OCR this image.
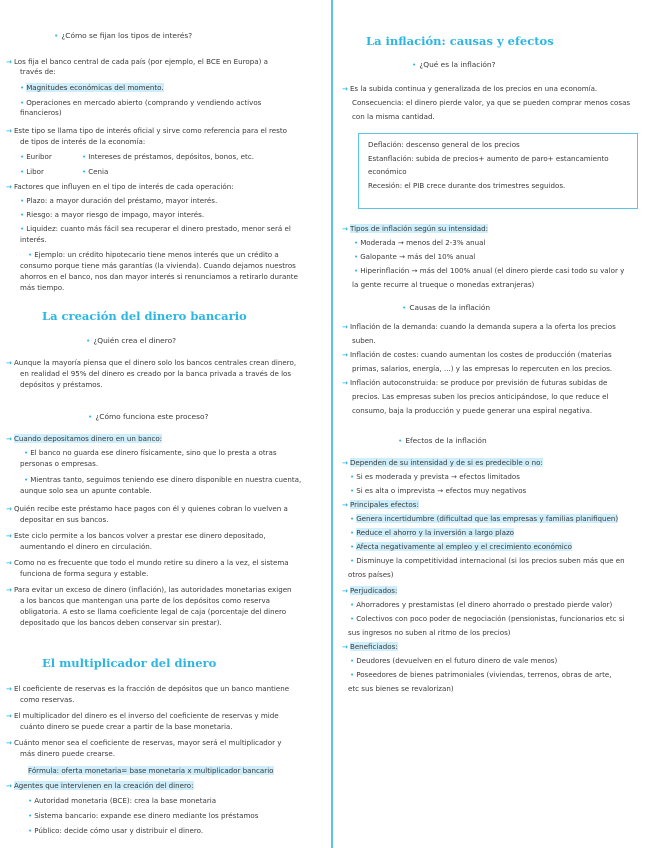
• ¿Cómo se fijan los tipos de interés?
→ Los fija el banco central de cada país (por ejemplo, el BCE en Europa) a
través de:
• Magnitudes económicas del momento.
• Operaciones en mercado abierto (comprando y vendiendo activos
financieros)
→ Este tipo se llama tipo de interés oficial y sirve como referencia para el resto
de tipos de interés de la economía:
• Euribor	• Intereses de préstamos, depósitos, bonos, etc.
• Libor	• Cenia
→ Factores que influyen en el tipo de interés de cada operación:
• Plazo: a mayor duración del préstamo, mayor interés.
• Riesgo: a mayor riesgo de impago, mayor interés.
• Liquidez: cuanto más fácil sea recuperar el dinero prestado, menor será el
interés.
• Ejemplo: un crédito hipotecario tiene menos interés que un crédito a
consumo porque tiene más garantías (la vivienda). Cuando dejamos nuestros
ahorros en el banco, nos dan mayor interés si renunciamos a retirarlo durante
más tiempo.
La creación del dinero bancario
• ¿Quién crea el dinero?
→ Aunque la mayoría piensa que el dinero solo los bancos centrales crean dinero,
en realidad el 95% del dinero es creado por la banca privada a través de los
depósitos y préstamos.
• ¿Cómo funciona este proceso?
→ Cuando depositamos dinero en un banco:
• El banco no guarda ese dinero físicamente, sino que lo presta a otras
personas o empresas.
• Mientras tanto, seguimos teniendo ese dinero disponible en nuestra cuenta,
aunque solo sea un apunte contable.
→ Quién recibe este préstamo hace pagos con él y quienes cobran lo vuelven a
depositar en sus bancos.
→ Este ciclo permite a los bancos volver a prestar ese dinero depositado,
aumentando el dinero en circulación.
→ Como no es frecuente que todo el mundo retire su dinero a la vez, el sistema
funciona de forma segura y estable.
→ Para evitar un exceso de dinero (inflación), las autoridades monetarias exigen
a los bancos que mantengan una parte de los depósitos como reserva
obligatoria. A esto se llama coeficiente legal de caja (porcentaje del dinero
depositado que los bancos deben conservar sin prestar).
El multiplicador del dinero
→ El coeficiente de reservas es la fracción de depósitos que un banco mantiene
como reservas.
→ El multiplicador del dinero es el inverso del coeficiente de reservas y mide
cuánto dinero se puede crear a partir de la base monetaria.
→ Cuánto menor sea el coeficiente de reservas, mayor será el multiplicador y
más dinero puede crearse.
Fórmula: oferta monetaria= base monetaria x multiplicador bancario
→ Agentes que intervienen en la creación del dinero:
• Autoridad monetaria (BCE): crea la base monetaria
• Sistema bancario: expande ese dinero mediante los préstamos
• Público: decide cómo usar y distribuir el dinero.
La inflación: causas y efectos
• ¿Qué es la inflación?
→ Es la subida continua y generalizada de los precios en una economía.
Consecuencia: el dinero pierde valor, ya que se pueden comprar menos cosas
con la misma cantidad.
Deflación: descenso general de los precios
Estanflación: subida de precios+ aumento de paro+ estancamiento
económico
Recesión: el PIB crece durante dos trimestres seguidos.
→ Tipos de inflación según su intensidad:
• Moderada → menos del 2-3% anual
• Galopante → más del 10% anual
• Hiperinflación → más del 100% anual (el dinero pierde casi todo su valor y
la gente recurre al trueque o monedas extranjeras)
• Causas de la inflación
→ Inflación de la demanda: cuando la demanda supera a la oferta los precios
suben.
→ Inflación de costes: cuando aumentan los costes de producción (materias
primas, salarios, energía, ...) y las empresas lo repercuten en los precios.
→ Inflación autoconstruida: se produce por previsión de futuras subidas de
precios. Las empresas suben los precios anticipándose, lo que reduce el
consumo, baja la producción y puede generar una espiral negativa.
• Efectos de la inflación
→ Dependen de su intensidad y de si es predecible o no:
• Si es moderada y prevista → efectos limitados
• Si es alta o imprevista → efectos muy negativos
→ Principales efectos:
• Genera incertidumbre (dificultad que las empresas y familias planifiquen)
• Reduce el ahorro y la inversión a largo plazo
• Afecta negativamente al empleo y el crecimiento económico
• Disminuye la competitividad internacional (si los precios suben más que en
otros países)
→ Perjudicados:
• Ahorradores y prestamistas (el dinero ahorrado o prestado pierde valor)
• Colectivos con poco poder de negociación (pensionistas, funcionarios etc si
sus ingresos no suben al ritmo de los precios)
→ Beneficiados:
• Deudores (devuelven en el futuro dinero de vale menos)
• Poseedores de bienes patrimoniales (viviendas, terrenos, obras de arte,
etc sus bienes se revalorizan)
